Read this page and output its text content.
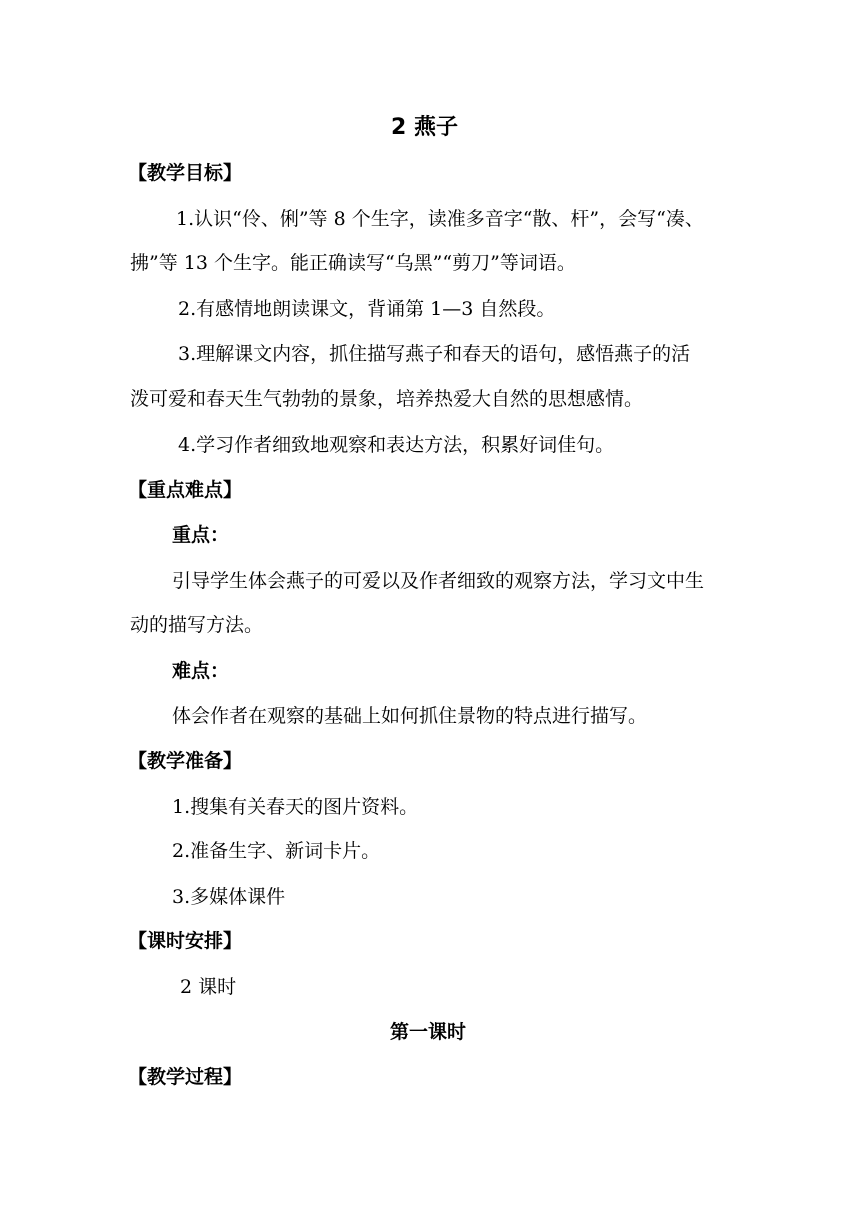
2 燕子
【教学目标】
1.认识“伶、俐”等 8 个生字，读准多音字“散、杆”，会写“凑、
拂”等 13 个生字。能正确读写“乌黑”“剪刀”等词语。
2.有感情地朗读课文，背诵第 1—3 自然段。
3.理解课文内容，抓住描写燕子和春天的语句，感悟燕子的活
泼可爱和春天生气勃勃的景象，培养热爱大自然的思想感情。
4.学习作者细致地观察和表达方法，积累好词佳句。
【重点难点】
重点：
引导学生体会燕子的可爱以及作者细致的观察方法，学习文中生
动的描写方法。
难点：
体会作者在观察的基础上如何抓住景物的特点进行描写。
【教学准备】
1.搜集有关春天的图片资料。
2.准备生字、新词卡片。
3.多媒体课件
【课时安排】
2 课时
第一课时
【教学过程】
